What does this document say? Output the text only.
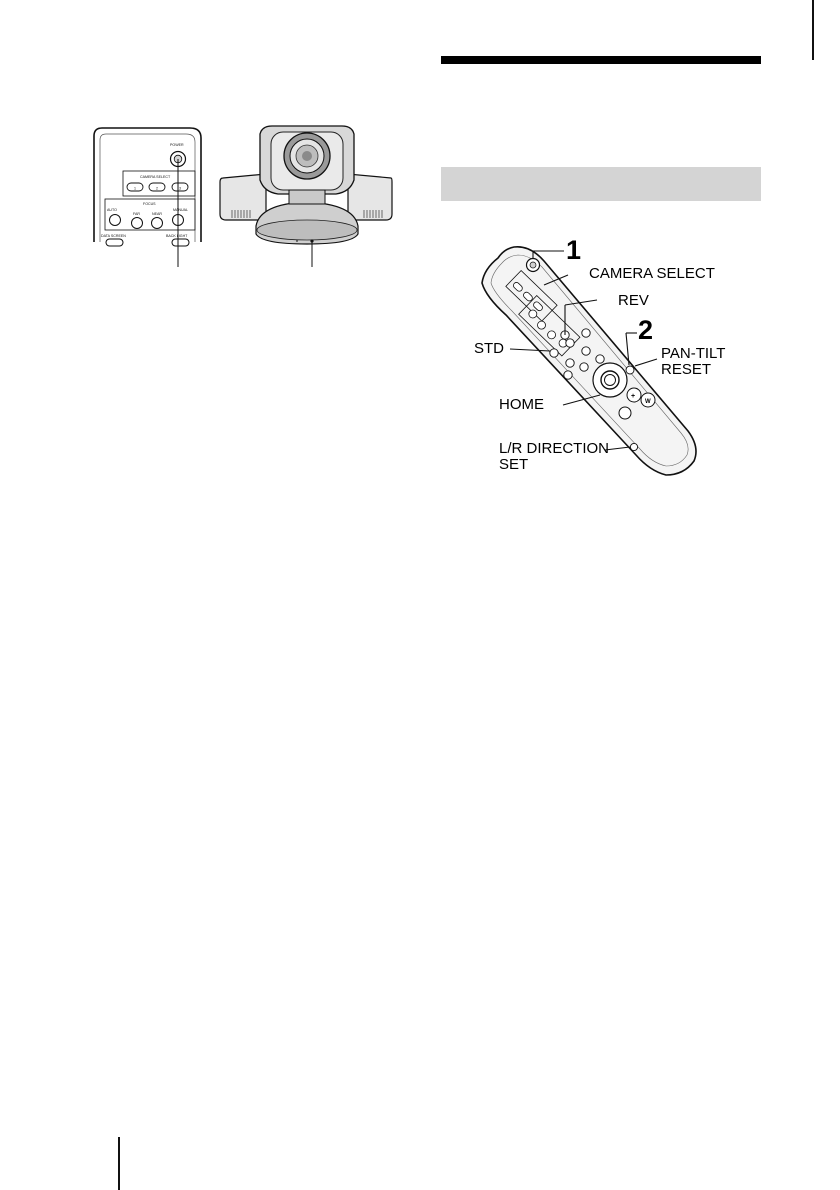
POWER
CAMERA SELECT
1	2	3
FOCUS
AUTO
FAR	NEAR
MANUAL
DATA SCREEN	BACK LIGHT
+
W
1
CAMERA SELECT
REV
2
STD	PAN-TILT
RESET
HOME
L/R DIRECTION
SET
